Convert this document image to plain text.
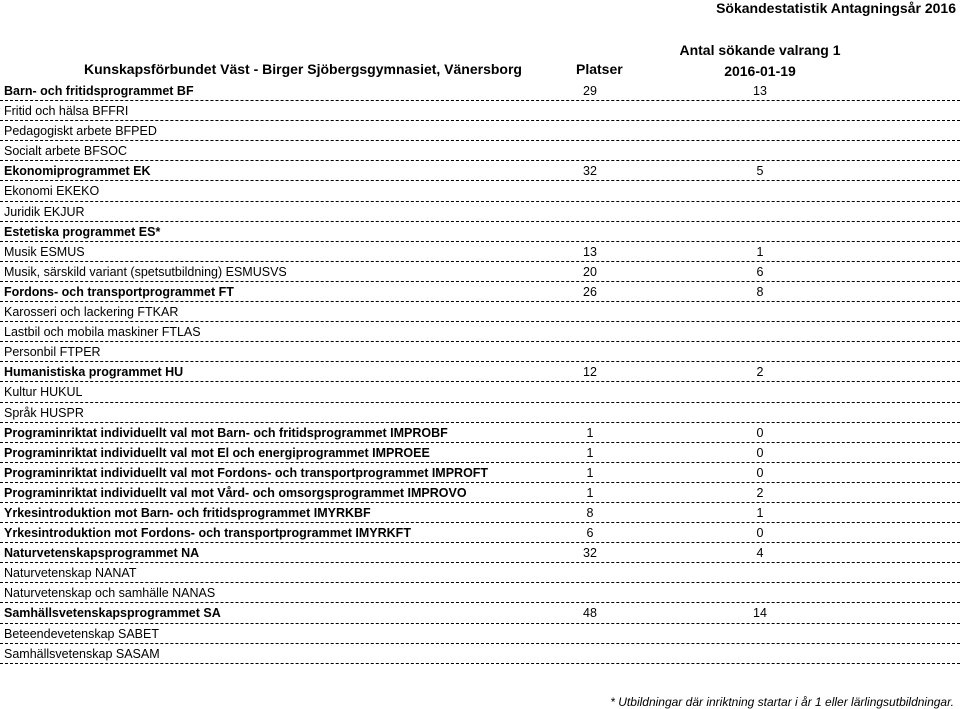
Sökandestatistik Antagningsår 2016
Kunskapsförbundet Väst - Birger Sjöbergsgymnasiet, Vänersborg	Platser
Antal sökande valrang 1
2016-01-19
Barn- och fritidsprogrammet BF	29	13
Fritid och hälsa BFFRI
Pedagogiskt arbete BFPED
Socialt arbete BFSOC
Ekonomiprogrammet EK	32	5
Ekonomi EKEKO
Juridik EKJUR
Estetiska programmet ES*
Musik ESMUS	13	1
Musik, särskild variant (spetsutbildning) ESMUSVS	20	6
Fordons- och transportprogrammet FT	26	8
Karosseri och lackering FTKAR
Lastbil och mobila maskiner FTLAS
Personbil FTPER
Humanistiska programmet HU	12	2
Kultur HUKUL
Språk HUSPR
Programinriktat individuellt val mot Barn- och fritidsprogrammet IMPROBF	1	0
Programinriktat individuellt val mot El och energiprogrammet IMPROEE	1	0
Programinriktat individuellt val mot Fordons- och transportprogrammet IMPROFT	1	0
Programinriktat individuellt val mot Vård- och omsorgsprogrammet IMPROVO	1	2
Yrkesintroduktion mot Barn- och fritidsprogrammet IMYRKBF	8	1
Yrkesintroduktion mot Fordons- och transportprogrammet IMYRKFT	6	0
Naturvetenskapsprogrammet NA	32	4
Naturvetenskap NANAT
Naturvetenskap och samhälle NANAS
Samhällsvetenskapsprogrammet SA	48	14
Beteendevetenskap SABET
Samhällsvetenskap SASAM
* Utbildningar där inriktning startar i år 1 eller lärlingsutbildningar.
